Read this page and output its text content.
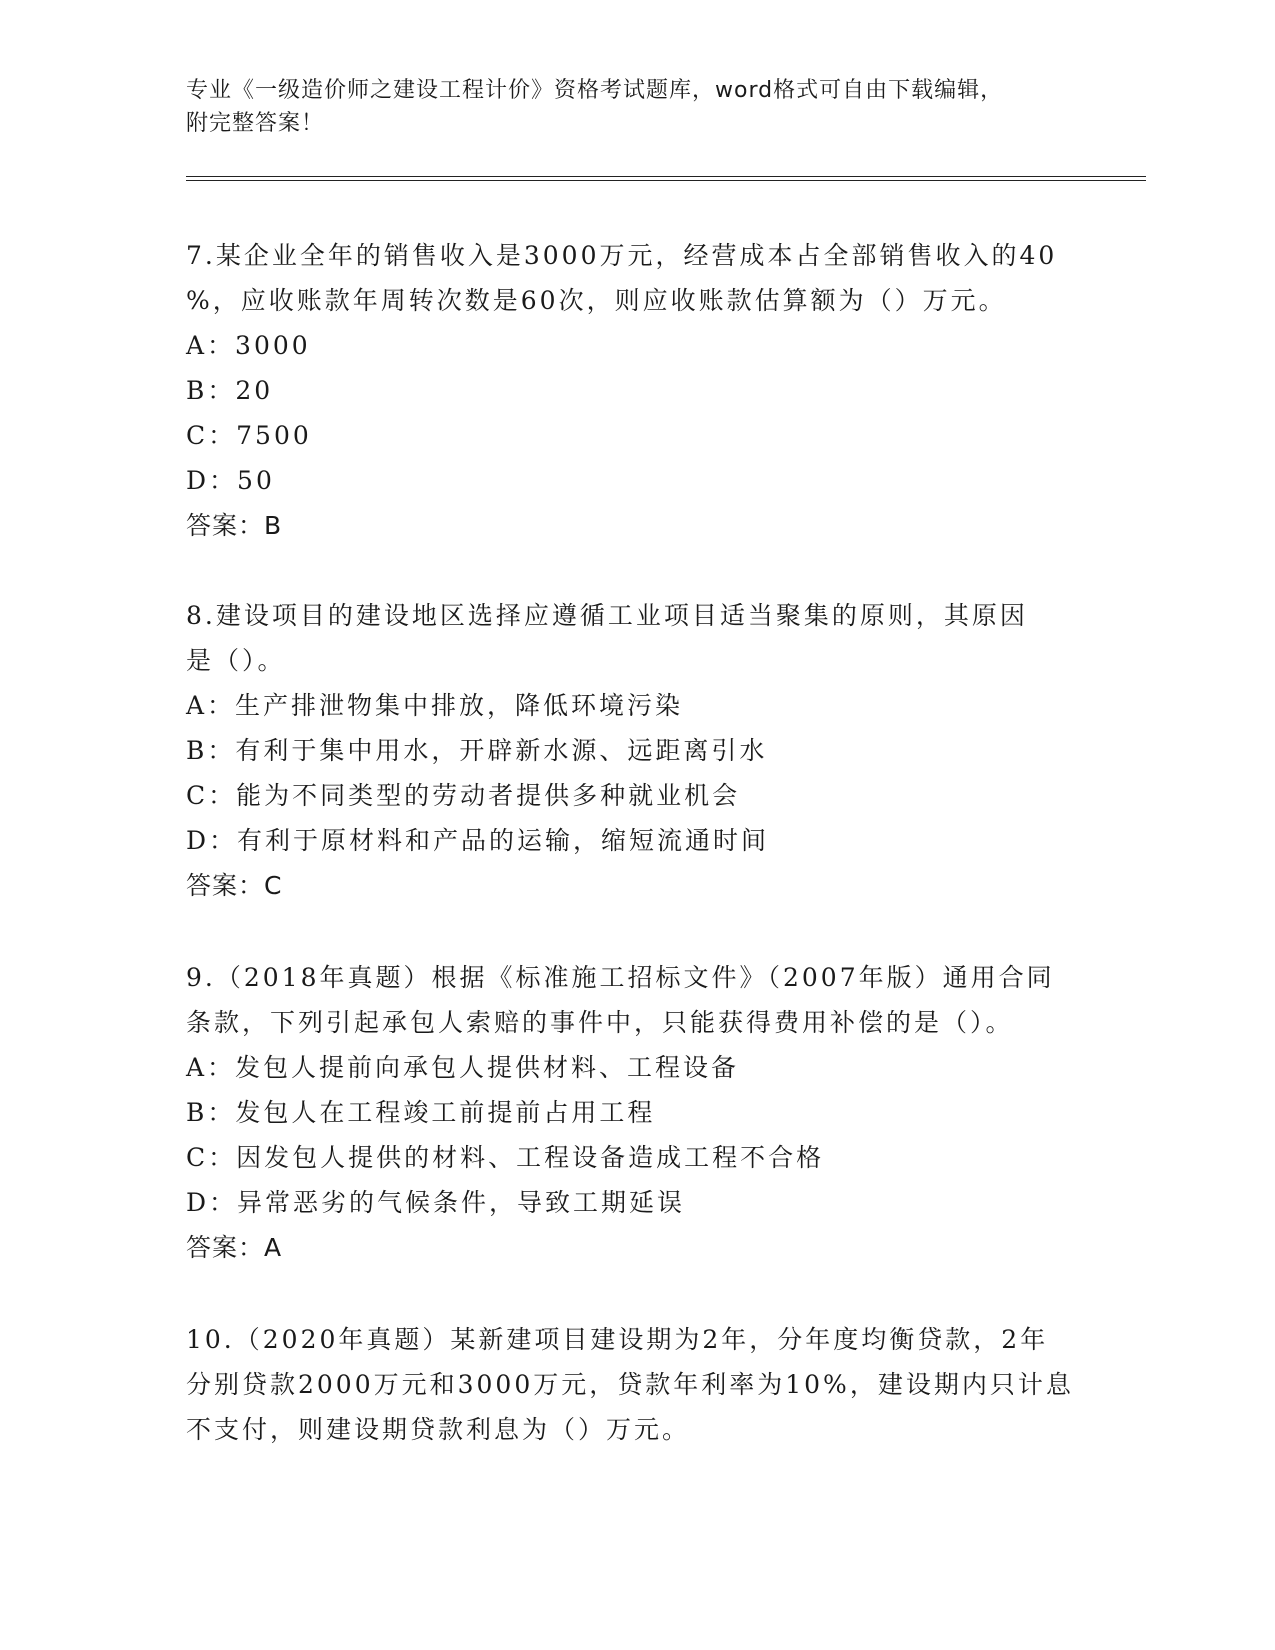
专业《一级造价师之建设工程计价》资格考试题库，word格式可自由下载编辑，
附完整答案！
7.某企业全年的销售收入是3000万元，经营成本占全部销售收入的40
%，应收账款年周转次数是60次，则应收账款估算额为（）万元。
A：3000
B：20
C：7500
D：50
答案：B
8.建设项目的建设地区选择应遵循工业项目适当聚集的原则，其原因
是（）。
A：生产排泄物集中排放，降低环境污染
B：有利于集中用水，开辟新水源、远距离引水
C：能为不同类型的劳动者提供多种就业机会
D：有利于原材料和产品的运输，缩短流通时间
答案：C
9.（2018年真题）根据《标准施工招标文件》（2007年版）通用合同
条款，下列引起承包人索赔的事件中，只能获得费用补偿的是（）。
A：发包人提前向承包人提供材料、工程设备
B：发包人在工程竣工前提前占用工程
C：因发包人提供的材料、工程设备造成工程不合格
D：异常恶劣的气候条件，导致工期延误
答案：A
10.（2020年真题）某新建项目建设期为2年，分年度均衡贷款，2年
分别贷款2000万元和3000万元，贷款年利率为10%，建设期内只计息
不支付，则建设期贷款利息为（）万元。
